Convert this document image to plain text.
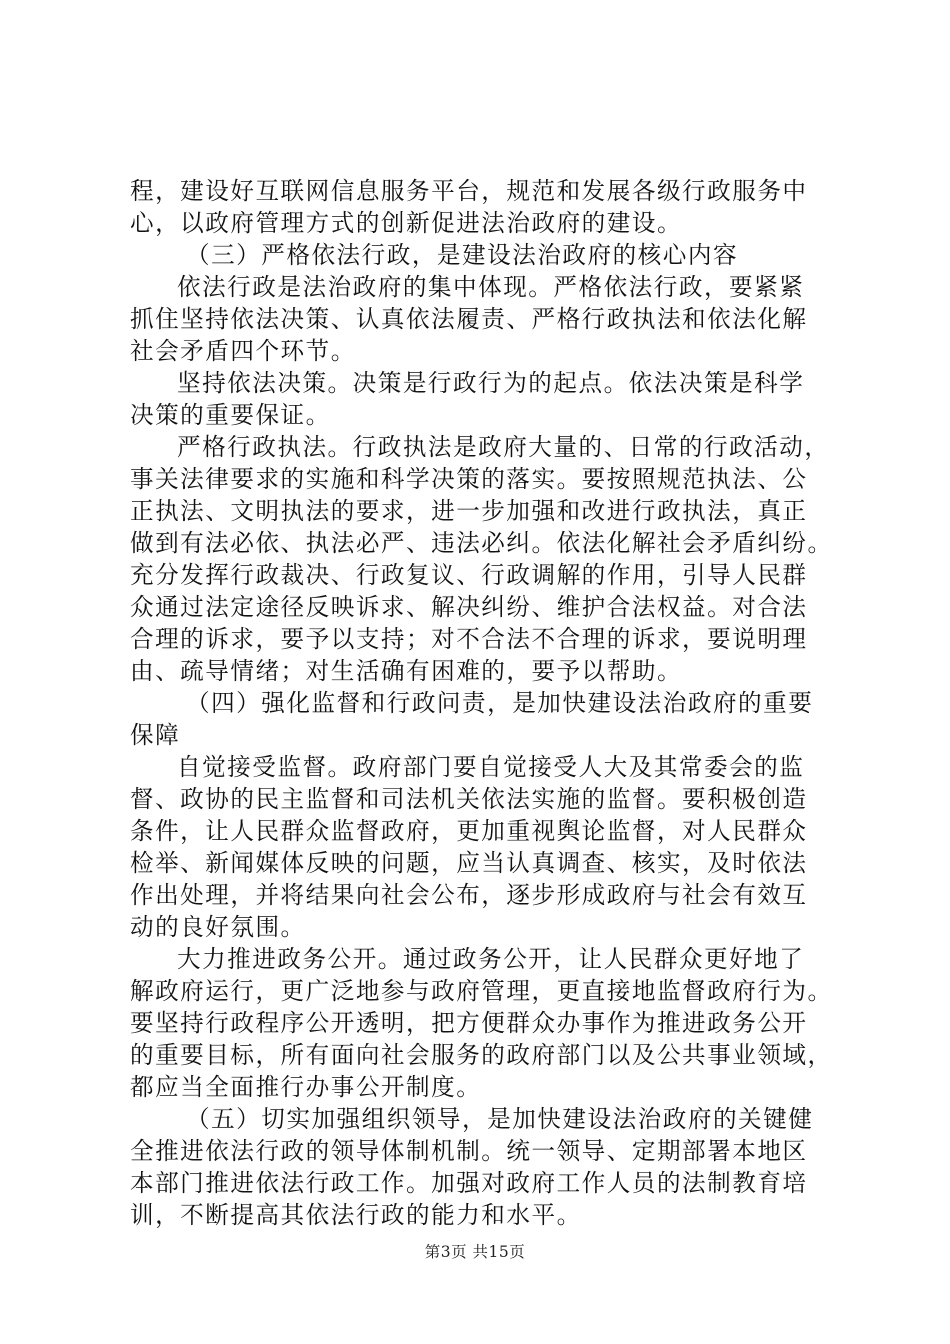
程，建设好互联网信息服务平台，规范和发展各级行政服务中
心，以政府管理方式的创新促进法治政府的建设。
（三）严格依法行政，是建设法治政府的核心内容
依法行政是法治政府的集中体现。严格依法行政，要紧紧
抓住坚持依法决策、认真依法履责、严格行政执法和依法化解
社会矛盾四个环节。
坚持依法决策。决策是行政行为的起点。依法决策是科学
决策的重要保证。
严格行政执法。行政执法是政府大量的、日常的行政活动，
事关法律要求的实施和科学决策的落实。要按照规范执法、公
正执法、文明执法的要求，进一步加强和改进行政执法，真正
做到有法必依、执法必严、违法必纠。依法化解社会矛盾纠纷。
充分发挥行政裁决、行政复议、行政调解的作用，引导人民群
众通过法定途径反映诉求、解决纠纷、维护合法权益。对合法
合理的诉求，要予以支持；对不合法不合理的诉求，要说明理
由、疏导情绪；对生活确有困难的，要予以帮助。
（四）强化监督和行政问责，是加快建设法治政府的重要
保障
自觉接受监督。政府部门要自觉接受人大及其常委会的监
督、政协的民主监督和司法机关依法实施的监督。要积极创造
条件，让人民群众监督政府，更加重视舆论监督，对人民群众
检举、新闻媒体反映的问题，应当认真调查、核实，及时依法
作出处理，并将结果向社会公布，逐步形成政府与社会有效互
动的良好氛围。
大力推进政务公开。通过政务公开，让人民群众更好地了
解政府运行，更广泛地参与政府管理，更直接地监督政府行为。
要坚持行政程序公开透明，把方便群众办事作为推进政务公开
的重要目标，所有面向社会服务的政府部门以及公共事业领域，
都应当全面推行办事公开制度。
（五）切实加强组织领导，是加快建设法治政府的关键健
全推进依法行政的领导体制机制。统一领导、定期部署本地区
本部门推进依法行政工作。加强对政府工作人员的法制教育培
训，不断提高其依法行政的能力和水平。
第3页 共15页
